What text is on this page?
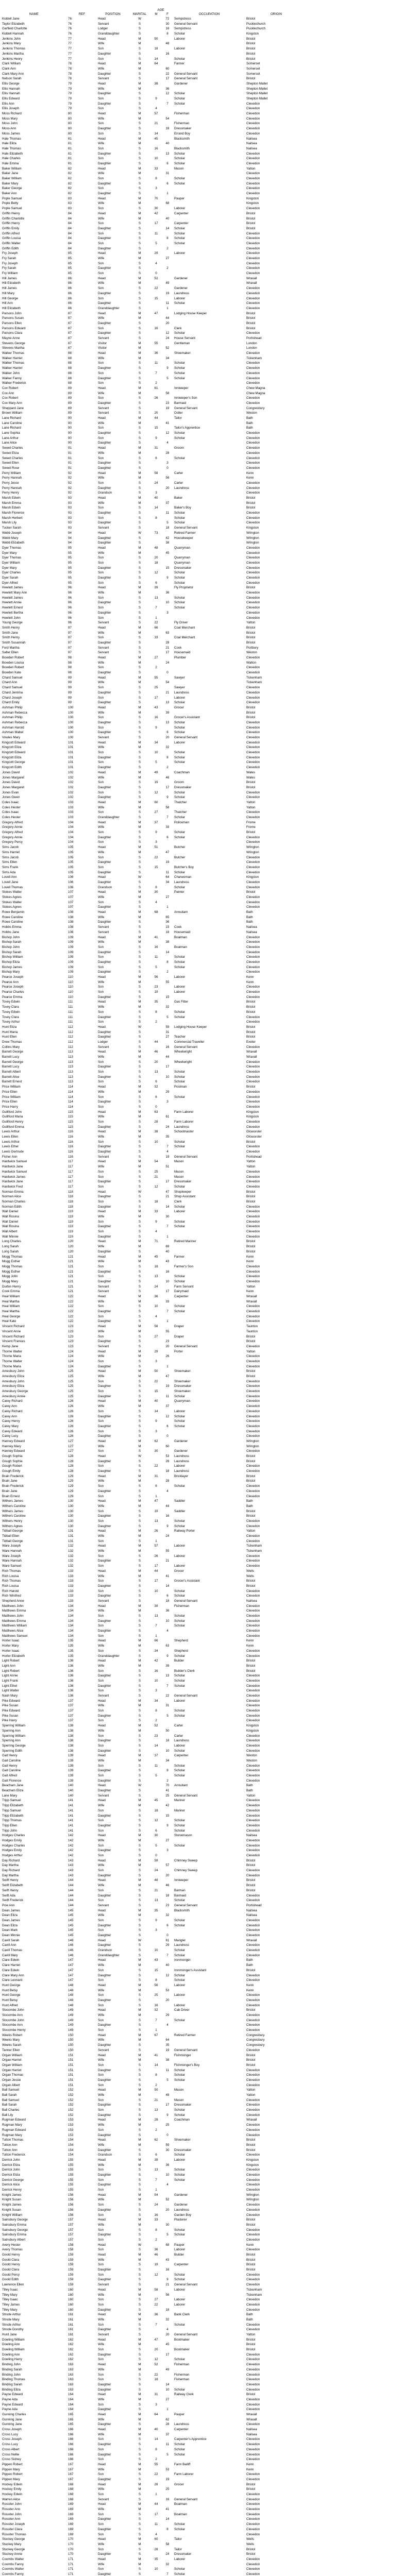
AGE
NAME	REF	POSITION	MARITAL	M	F	OCCUPATION	ORIGIN
Kiddell Jane	76	Head	W	72	Sempstress	Bristol
Taylor Elizabeth	76	Servant	S	30	General Servant	Pucklechurch
Garfield Charlotte	76	Lodger	S	16	Sempstress	Pucklechurch
Kiddell Hannah	76	Granddaughter	S	8	Scholar	Kingston
Jenkins John	77	Head	M	50	Laborer	Bristol
Jenkins Mary	77	Wife	M	48	Bristol
Jenkins Thomas	77	Son	S	18	Laborer	Bristol
Jenkins Martha	77	Daughter	S	16	Bristol
Jenkins Henry	77	Son	S	14	Scholar	Bristol
Clark William	78	Head	M	64	Farmer	Somerset
Clark Ann	78	Wife	M	60	Somerset
Clark Mary Ann	78	Daughter	S	22	General Servant	Somerset
Nelson Sarah	78	Servant	S	17	General Servant	Bristol
Ellis George	79	Head	M	38	Gardener	Shepton Mallet
Ellis Hannah	79	Wife	M	36	Shepton Mallet
Ellis Hannah	79	Daughter	S	12	Scholar	Shepton Mallet
Ellis Edward	79	Son	S	9	Scholar	Shepton Mallet
Ellis Ann	79	Daughter	S	7	Scholar	Clevedon
Ellis Joseph	79	Son	S	4	Clevedon
Moss Richard	80	Head	M	57	Fisherman	Clevedon
Moss Mary	80	Wife	M	54	Clevedon
Moss John	80	Son	S	21	Fisherman	Clevedon
Moss Ann	80	Daughter	S	18	Dressmaker	Clevedon
Moss James	80	Son	S	14	Errand Boy	Clevedon
Hale Thomas	81	Head	M	45	Blacksmith	Nailsea
Hale Eliza	81	Wife	M	40	Nailsea
Hale Thomas	81	Son	S	16	Blacksmith	Nailsea
Hale Elizabeth	81	Daughter	S	13	Scholar	Clevedon
Hale Charles	81	Son	S	10	Scholar	Clevedon
Hale Emma	81	Daughter	S	6	Scholar	Clevedon
Baker William	82	Head	M	33	Mason	Yatton
Baker Jane	82	Wife	M	31	Clevedon
Baker William	82	Son	S	8	Scholar	Clevedon
Baker Mary	82	Daughter	S	6	Scholar	Clevedon
Baker George	82	Son	S	3	Clevedon
Baker Ann	82	Daughter	S	1	Clevedon
Pople Samuel	83	Head	M	70	Pauper	Kingston
Pople Betty	83	Wife	M	68	Kingston
Pople Samuel	83	Son	S	30	Laborer	Clevedon
Griffin Henry	84	Head	M	42	Carpenter	Bristol
Griffin Charlotte	84	Wife	M	40	Bristol
Griffin Henry	84	Son	S	17	Carpenter	Bristol
Griffin Emily	84	Daughter	S	14	Scholar	Bristol
Griffin Alfred	84	Son	S	11	Scholar	Clevedon
Griffin Louisa	84	Daughter	S	8	Scholar	Clevedon
Griffin Walter	84	Son	S	5	Scholar	Clevedon
Griffin Edith	84	Daughter	S	2	Clevedon
Fry Joseph	85	Head	M	29	Laborer	Clevedon
Fry Sarah	85	Wife	M	27	Clevedon
Fry Joseph	85	Son	S	4	Clevedon
Fry Sarah	85	Daughter	S	2	Clevedon
Fry William	85	Son	S	0	Clevedon
Hill James	86	Head	M	52	Gardener	Wraxall
Hill Elizabeth	86	Wife	M	49	Wraxall
Hill James	86	Son	S	22	Gardener	Clevedon
Hill Mary	86	Daughter	S	19	Laundress	Clevedon
Hill George	86	Son	S	15	Laborer	Clevedon
Hill Ann	86	Daughter	S	11	Scholar	Clevedon
Hill Elizabeth	86	Granddaughter	S	1	Clevedon
Parsons John	87	Head	M	47	Lodging House Keeper	Bristol
Parsons Susan	87	Wife	M	44	Bristol
Parsons Ellen	87	Daughter	S	20	Bristol
Parsons Edward	87	Son	S	16	Clerk	Bristol
Parsons Clara	87	Daughter	S	12	Scholar	Clevedon
Mayne Anne	87	Servant	S	24	House Servant	Portishead
Stevens George	87	Visitor	M	55	Gentleman	London
Stevens Martha	87	Visitor	M	52	London
Walker Thomas	88	Head	M	36	Shoemaker	Clevedon
Walker Harriet	88	Wife	M	34	Tickenham
Walker Thomas	88	Son	S	11	Scholar	Clevedon
Walker Harriet	88	Daughter	S	9	Scholar	Clevedon
Walker John	88	Son	S	7	Scholar	Clevedon
Walker Fanny	88	Daughter	S	5	Scholar	Clevedon
Walker Frederick	88	Son	S	2	Clevedon
Cox Robert	89	Head	M	61	Innkeeper	Chew Magna
Cox Ann	89	Wife	M	58	Chew Magna
Cox Robert	89	Son	S	26	Innkeeper's Son	Clevedon
Cox Mary Ann	89	Daughter	S	23	Barmaid	Clevedon
Sheppard Jane	89	Servant	S	19	General Servant	Congresbury
Brown William	89	Servant	S	20	Ostler	Weston
Lane Richard	90	Head	M	44	Tailor	Bath
Lane Caroline	90	Wife	M	41	Bath
Lane Richard	90	Son	S	15	Tailor's Apprentice	Bath
Lane Sophia	90	Daughter	S	12	Scholar	Clevedon
Lane Arthur	90	Son	S	9	Scholar	Clevedon
Lane Alice	90	Daughter	S	4	Clevedon
Sweet Charles	91	Head	M	31	Groom	Clevedon
Sweet Eliza	91	Wife	M	28	Clevedon
Sweet Charles	91	Son	S	6	Scholar	Clevedon
Sweet Ellen	91	Daughter	S	3	Clevedon
Sweet Rose	91	Daughter	S	0	Clevedon
Perry William	92	Head	M	58	Carter	Kenn
Perry Hannah	92	Wife	M	56	Kenn
Perry Jesse	92	Son	S	24	Carter	Clevedon
Perry Hannah	92	Daughter	S	20	Laundress	Clevedon
Perry Henry	92	Grandson	S	3	Clevedon
Marsh Edwin	93	Head	M	40	Baker	Bristol
Marsh Emma	93	Wife	M	37	Bristol
Marsh Edwin	93	Son	S	14	Baker's Boy	Bristol
Marsh Florence	93	Daughter	S	11	Scholar	Clevedon
Marsh Herbert	93	Son	S	8	Scholar	Clevedon
Marsh Lily	93	Daughter	S	5	Scholar	Clevedon
Tucker Sarah	93	Servant	S	18	General Servant	Kingston
Webb Joseph	94	Head	W	73	Retired Farmer	Wrington
Webb Mary	94	Daughter	S	42	Housekeeper	Wrington
Webb Elizabeth	94	Daughter	S	38	Wrington
Dyer Thomas	95	Head	M	48	Quarryman	Clevedon
Dyer Mary	95	Wife	M	45	Clevedon
Dyer Thomas	95	Son	S	20	Quarryman	Clevedon
Dyer William	95	Son	S	18	Quarryman	Clevedon
Dyer Mary	95	Daughter	S	15	Dressmaker	Clevedon
Dyer Charles	95	Son	S	12	Scholar	Clevedon
Dyer Sarah	95	Daughter	S	9	Scholar	Clevedon
Dyer Alfred	95	Son	S	6	Scholar	Clevedon
Hewlett James	96	Head	M	39	Fly Proprietor	Bristol
Hewlett Mary Ann	96	Wife	M	36	Clevedon
Hewlett James	96	Son	S	13	Scholar	Clevedon
Hewlett Annie	96	Daughter	S	10	Scholar	Clevedon
Hewlett Ernest	96	Son	S	7	Scholar	Clevedon
Hewlett Bertha	96	Daughter	S	3	Clevedon
Hewlett John	96	Son	S	1	Clevedon
Young George	96	Servant	S	22	Fly Driver	Yatton
Smith Henry	97	Head	M	66	Coal Merchant	Bristol
Smith Jane	97	Wife	M	63	Bristol
Smith Henry	97	Son	S	33	Coal Merchant	Bristol
Smith Susannah	97	Daughter	S	28	Bristol
Ford Martha	97	Servant	S	21	Cook	Portbury
Salter Ellen	97	Servant	S	17	Housemaid	Weston
Bowden Robert	98	Head	M	27	Plumber	Clevedon
Bowden Louisa	98	Wife	M	24	Walton
Bowden Robert	98	Son	S	2	Clevedon
Bowden Kate	98	Daughter	S	0	Clevedon
Chard Samuel	99	Head	M	55	Sawyer	Tickenham
Chard Ann	99	Wife	M	54	Tickenham
Chard Samuel	99	Son	S	25	Sawyer	Clevedon
Chard Jemima	99	Daughter	S	21	Laundress	Clevedon
Chard Joseph	99	Son	S	17	Laborer	Clevedon
Chard Emily	99	Daughter	S	13	Scholar	Clevedon
Ashman Philip	100	Head	M	43	Grocer	Bristol
Ashman Rebecca	100	Wife	M	39	Bristol
Ashman Philip	100	Son	S	16	Grocer's Assistant	Bristol
Ashman Rebecca	100	Daughter	S	13	Scholar	Clevedon
Ashman Harold	100	Son	S	9	Scholar	Clevedon
Ashman Mabel	100	Daughter	S	6	Scholar	Clevedon
Vowles Mary	100	Servant	S	20	General Servant	Clevedon
Kingcott Edward	101	Head	M	34	Laborer	Clevedon
Kingcott Eliza	101	Wife	M	32	Clevedon
Kingcott Edward	101	Son	S	10	Scholar	Clevedon
Kingcott Eliza	101	Daughter	S	8	Scholar	Clevedon
Kingcott George	101	Son	S	5	Scholar	Clevedon
Kingcott Edith	101	Daughter	S	2	Clevedon
Jones David	102	Head	M	49	Coachman	Wales
Jones Margaret	102	Wife	M	46	Wales
Jones David	102	Son	S	19	Groom	Bristol
Jones Margaret	102	Daughter	S	17	Dressmaker	Bristol
Jones Evan	102	Son	S	12	Scholar	Clevedon
Jones Gwen	102	Daughter	S	9	Scholar	Clevedon
Coles Isaac	103	Head	M	60	Thatcher	Yatton
Coles Hester	103	Wife	M	58	Yatton
Coles Isaac	103	Son	S	27	Thatcher	Clevedon
Coles Hester	103	Granddaughter	S	7	Scholar	Clevedon
Gregory Alfred	104	Head	M	37	Policeman	Frome
Gregory Annie	104	Wife	M	33	Frome
Gregory Alfred	104	Son	S	9	Scholar	Bristol
Gregory Annie	104	Daughter	S	6	Scholar	Clevedon
Gregory Percy	104	Son	S	3	Clevedon
Sims Jacob	105	Head	M	51	Butcher	Wrington
Sims Harriet	105	Wife	M	47	Wrington
Sims Jacob	105	Son	S	22	Butcher	Clevedon
Sims Ellen	105	Daughter	S	19	Clevedon
Sims Frank	105	Son	S	15	Butcher's Boy	Clevedon
Sims Ada	105	Daughter	S	11	Scholar	Clevedon
Lovell Ann	106	Head	W	64	Charwoman	Kingston
Lovell Jane	106	Daughter	S	34	Laundress	Clevedon
Lovell Thomas	106	Grandson	S	8	Scholar	Clevedon
Stokes Walter	107	Head	M	30	Painter	Bristol
Stokes Agnes	107	Wife	M	27	Clevedon
Stokes Walter	107	Son	S	4	Clevedon
Stokes Agnes	107	Daughter	S	1	Clevedon
Rowe Benjamin	108	Head	M	68	Annuitant	Bath
Rowe Caroline	108	Wife	M	65	Bath
Rowe Caroline	108	Daughter	S	36	Bath
Hobbs Emma	108	Servant	S	23	Cook	Nailsea
Hobbs Jane	108	Servant	S	18	Housemaid	Nailsea
Bishop John	109	Head	M	41	Boatman	Clevedon
Bishop Sarah	109	Wife	M	38	Clevedon
Bishop John	109	Son	S	16	Boatman	Clevedon
Bishop Sarah	109	Daughter	S	14	Clevedon
Bishop William	109	Son	S	11	Scholar	Clevedon
Bishop Eliza	109	Daughter	S	8	Scholar	Clevedon
Bishop James	109	Son	S	5	Scholar	Clevedon
Bishop Mary	109	Daughter	S	2	Clevedon
Pearce Joseph	110	Head	M	56	Laborer	Kenn
Pearce Ann	110	Wife	M	55	Kenn
Pearce Joseph	110	Son	S	23	Laborer	Clevedon
Pearce Charles	110	Son	S	19	Laborer	Clevedon
Pearce Emma	110	Daughter	S	15	Clevedon
Tovey Edwin	111	Head	M	35	Gas Fitter	Bristol
Tovey Clara	111	Wife	M	32	Bristol
Tovey Edwin	111	Son	S	8	Scholar	Bristol
Tovey Clara	111	Daughter	S	5	Scholar	Clevedon
Tovey Arthur	111	Son	S	2	Clevedon
Hunt Eliza	112	Head	W	59	Lodging House Keeper	Bristol
Hunt Maria	112	Daughter	S	31	Bristol
Hunt Ellen	112	Daughter	S	27	Teacher	Bristol
Drew Thomas	112	Lodger	S	44	Commercial Traveller	Exeter
Collins Mary	112	Servant	S	16	General Servant	Clevedon
Barrett George	113	Head	M	46	Wheelwright	Wraxall
Barrett Lucy	113	Wife	M	44	Wraxall
Barrett George	113	Son	S	20	Wheelwright	Clevedon
Barrett Lucy	113	Daughter	S	17	Clevedon
Barrett Albert	113	Son	S	13	Scholar	Clevedon
Barrett Alice	113	Daughter	S	10	Scholar	Clevedon
Barrett Ernest	113	Son	S	6	Scholar	Clevedon
Price William	114	Head	M	32	Postman	Bristol
Price Ellen	114	Wife	M	29	Clevedon
Price William	114	Son	S	6	Scholar	Clevedon
Price Ellen	114	Daughter	S	3	Clevedon
Price Harry	114	Son	S	0	Clevedon
Gulliford John	115	Head	M	63	Farm Laborer	Kingston
Gulliford Maria	115	Wife	M	61	Kingston
Gulliford Henry	115	Son	S	28	Farm Laborer	Clevedon
Gulliford Emma	115	Daughter	S	24	Laundress	Clevedon
Lewis Arthur	116	Head	M	38	Schoolmaster	Gloucester
Lewis Ellen	116	Wife	M	35	Gloucester
Lewis Arthur	116	Son	S	10	Scholar	Bristol
Lewis Ethel	116	Daughter	S	7	Scholar	Clevedon
Lewis Gertrude	116	Daughter	S	4	Clevedon
Fisher Ann	116	Servant	S	19	General Servant	Portishead
Hardwick Samuel	117	Head	M	54	Mason	Yatton
Hardwick Jane	117	Wife	M	51	Yatton
Hardwick Samuel	117	Son	S	25	Mason	Clevedon
Hardwick James	117	Son	S	21	Mason	Clevedon
Hardwick Jane	117	Daughter	S	17	Dressmaker	Clevedon
Hardwick Fred	117	Son	S	12	Scholar	Clevedon
Norman Emma	118	Head	W	47	Shopkeeper	Bristol
Norman Alice	118	Daughter	S	21	Shop Assistant	Bristol
Norman Charles	118	Son	S	18	Clerk	Bristol
Norman Edith	118	Daughter	S	14	Scholar	Clevedon
Wall Daniel	119	Head	M	33	Laborer	Clevedon
Wall Rosina	119	Wife	M	30	Clevedon
Wall Daniel	119	Son	S	9	Scholar	Clevedon
Wall Rosina	119	Daughter	S	7	Scholar	Clevedon
Wall Albert	119	Son	S	4	Clevedon
Wall Minnie	119	Daughter	S	1	Clevedon
Long Charles	120	Head	M	71	Retired Mariner	Bristol
Long Sarah	120	Wife	M	69	Bristol
Long Sarah	120	Daughter	S	40	Bristol
Mogg Thomas	121	Head	M	45	Farmer	Kenn
Mogg Esther	121	Wife	M	43	Kenn
Mogg Thomas	121	Son	S	18	Farmer's Son	Clevedon
Mogg Esther	121	Daughter	S	16	Clevedon
Mogg John	121	Son	S	13	Scholar	Clevedon
Mogg Mary	121	Daughter	S	10	Scholar	Clevedon
Durbin Henry	121	Servant	S	24	Farm Servant	Yatton
Cook Emma	121	Servant	S	17	Dairymaid	Kenn
Heal William	122	Head	M	36	Carpenter	Wraxall
Heal Martha	122	Wife	M	33	Wraxall
Heal William	122	Son	S	10	Scholar	Clevedon
Heal Martha	122	Daughter	S	7	Scholar	Clevedon
Heal George	122	Son	S	4	Clevedon
Heal Kate	122	Daughter	S	1	Clevedon
Vincent Richard	123	Head	M	58	Draper	Taunton
Vincent Anne	123	Wife	M	55	Taunton
Vincent Richard	123	Son	S	27	Draper	Bristol
Vincent Frances	123	Daughter	S	23	Bristol
Kemp Jane	123	Servant	S	20	General Servant	Clevedon
Thorne Walter	124	Head	M	29	Porter	Yatton
Thorne Maria	124	Wife	M	26	Clevedon
Thorne Walter	124	Son	S	3	Clevedon
Thorne Maria	124	Daughter	S	1	Clevedon
Amesbury John	125	Head	M	50	Shoemaker	Bristol
Amesbury Eliza	125	Wife	M	47	Bristol
Amesbury John	125	Son	S	22	Shoemaker	Clevedon
Amesbury Eliza	125	Daughter	S	19	Dressmaker	Clevedon
Amesbury George	125	Son	S	15	Shoemaker	Clevedon
Amesbury Annie	125	Daughter	S	11	Scholar	Clevedon
Carey Richard	126	Head	M	40	Quarryman	Clevedon
Carey Ann	126	Wife	M	37	Clevedon
Carey Richard	126	Son	S	14	Laborer	Clevedon
Carey Ann	126	Daughter	S	12	Scholar	Clevedon
Carey Henry	126	Son	S	9	Scholar	Clevedon
Carey Mary	126	Daughter	S	6	Scholar	Clevedon
Carey Edward	126	Son	S	3	Clevedon
Carey Lucy	126	Daughter	S	0	Clevedon
Hanney Edward	127	Head	M	62	Gardener	Wrington
Hanney Mary	127	Wife	M	60	Wrington
Hanney Edward	127	Son	S	30	Gardener	Clevedon
Gough Sophia	128	Head	W	53	Laundress	Bristol
Gough Sophia	128	Daughter	S	26	Laundress	Bristol
Gough Robert	128	Son	S	22	Laborer	Clevedon
Gough Emily	128	Daughter	S	18	Laundress	Clevedon
Brain Frederick	129	Head	M	31	Bricklayer	Bristol
Brain Jane	129	Wife	M	28	Bristol
Brain Frederick	129	Son	S	6	Scholar	Clevedon
Brain Jane	129	Daughter	S	4	Clevedon
Brain Ernest	129	Son	S	1	Clevedon
Withers James	130	Head	M	47	Saddler	Bath
Withers Caroline	130	Wife	M	44	Bath
Withers James	130	Son	S	19	Saddler	Bristol
Withers Caroline	130	Daughter	S	16	Bristol
Withers Henry	130	Son	S	13	Scholar	Clevedon
Withers Agnes	130	Daughter	S	9	Scholar	Clevedon
Tidball George	131	Head	M	26	Railway Porter	Yatton
Tidball Ellen	131	Wife	M	24	Clevedon
Tidball George	131	Son	S	1	Clevedon
Ware Joseph	132	Head	M	57	Laborer	Tickenham
Ware Hannah	132	Wife	M	55	Tickenham
Ware Joseph	132	Son	S	26	Laborer	Clevedon
Ware Hannah	132	Daughter	S	21	Clevedon
Ware Samuel	132	Son	S	17	Laborer	Clevedon
Rich Thomas	133	Head	M	44	Grocer	Wells
Rich Louisa	133	Wife	M	41	Wells
Rich Thomas	133	Son	S	17	Grocer's Assistant	Bristol
Rich Louisa	133	Daughter	S	14	Bristol
Rich Harold	133	Son	S	10	Scholar	Clevedon
Rich Winifred	133	Daughter	S	6	Scholar	Clevedon
Shepherd Anne	133	Servant	S	18	General Servant	Nailsea
Matthews John	134	Head	M	39	Fisherman	Clevedon
Matthews Emma	134	Wife	M	36	Clevedon
Matthews John	134	Son	S	13	Scholar	Clevedon
Matthews Emma	134	Daughter	S	10	Scholar	Clevedon
Matthews William	134	Son	S	7	Scholar	Clevedon
Matthews Alice	134	Daughter	S	4	Clevedon
Matthews Samuel	134	Son	S	1	Clevedon
Horler Isaac	135	Head	M	66	Shepherd	Kenn
Horler Mary	135	Wife	M	63	Kenn
Horler Isaac	135	Son	S	34	Shepherd	Clevedon
Horler Elizabeth	135	Granddaughter	S	9	Scholar	Clevedon
Light Robert	136	Head	M	42	Builder	Bristol
Light Ann	136	Wife	M	39	Bristol
Light Robert	136	Son	S	16	Builder's Clerk	Bristol
Light Annie	136	Daughter	S	13	Scholar	Clevedon
Light Frank	136	Son	S	10	Scholar	Clevedon
Light Ethel	136	Daughter	S	7	Scholar	Clevedon
Light Walter	136	Son	S	3	Clevedon
Nash Mary	136	Servant	S	22	General Servant	Clevedon
Pike Edward	137	Head	M	34	Laborer	Clevedon
Pike Susan	137	Wife	M	31	Clevedon
Pike Edward	137	Son	S	8	Scholar	Clevedon
Pike Susan	137	Daughter	S	5	Scholar	Clevedon
Pike Harry	137	Son	S	2	Clevedon
Sperring William	138	Head	M	52	Carter	Kingston
Sperring Ann	138	Wife	M	50	Kingston
Sperring William	138	Son	S	23	Carter	Clevedon
Sperring Ann	138	Daughter	S	18	Laundress	Clevedon
Sperring George	138	Son	S	14	Laborer	Clevedon
Sperring Edith	138	Daughter	S	10	Scholar	Clevedon
Gait Henry	139	Head	M	37	Carpenter	Weston
Gait Caroline	139	Wife	M	34	Weston
Gait Henry	139	Son	S	11	Scholar	Clevedon
Gait Caroline	139	Daughter	S	8	Scholar	Clevedon
Gait Alfred	139	Son	S	5	Scholar	Clevedon
Gait Florence	139	Daughter	S	2	Clevedon
Beacham Jane	140	Head	W	70	Annuitant	Bath
Beacham Eliza	140	Daughter	S	41	Bath
Lane Mary	140	Servant	S	25	General Servant	Yatton
Tripp Samuel	141	Head	M	45	Mariner	Clevedon
Tripp Elizabeth	141	Wife	M	42	Clevedon
Tripp Samuel	141	Son	S	18	Mariner	Clevedon
Tripp Elizabeth	141	Daughter	S	15	Clevedon
Tripp Thomas	141	Son	S	12	Scholar	Clevedon
Tripp Ellen	141	Daughter	S	9	Scholar	Clevedon
Tripp John	141	Son	S	6	Scholar	Clevedon
Hodges Charles	142	Head	M	30	Stonemason	Nailsea
Hodges Emily	142	Wife	M	27	Clevedon
Hodges Charles	142	Son	S	5	Scholar	Clevedon
Hodges Emily	142	Daughter	S	3	Clevedon
Hodges Arthur	142	Son	S	0	Clevedon
Day Richard	143	Head	M	59	Chimney Sweep	Bristol
Day Martha	143	Wife	M	57	Bristol
Day Richard	143	Son	S	24	Chimney Sweep	Clevedon
Day Martha	143	Daughter	S	20	Clevedon
Swift Henry	144	Head	M	48	Innkeeper	Bristol
Swift Elizabeth	144	Wife	M	46	Bristol
Swift Henry	144	Son	S	21	Barman	Bristol
Swift Ada	144	Daughter	S	18	Barmaid	Clevedon
Swift Frederick	144	Son	S	13	Scholar	Clevedon
Pow Ann	144	Servant	S	23	General Servant	Portishead
Dean James	145	Head	M	35	Blacksmith	Nailsea
Dean Eliza	145	Wife	M	32	Nailsea
Dean James	145	Son	S	9	Scholar	Clevedon
Dean Eliza	145	Daughter	S	6	Scholar	Clevedon
Dean Mark	145	Son	S	3	Clevedon
Dean Minnie	145	Daughter	S	0	Clevedon
Cavill Sarah	146	Head	W	61	Mangler	Wraxall
Cavill Ann	146	Daughter	S	29	Laundress	Clevedon
Cavill Thomas	146	Grandson	S	10	Scholar	Clevedon
Cavill Mary	146	Granddaughter	S	7	Scholar	Clevedon
Clare Edwin	147	Head	M	43	Ironmonger	Bath
Clare Harriet	147	Wife	M	40	Bath
Clare Edwin	147	Son	S	15	Ironmonger's Assistant	Bristol
Clare Mary Ann	147	Daughter	S	12	Scholar	Clevedon
Clare Leonard	147	Son	S	8	Scholar	Clevedon
Hunt George	148	Head	M	56	Laborer	Kenn
Hunt Betsy	148	Wife	M	53	Kenn
Hunt George	148	Son	S	25	Laborer	Clevedon
Hunt Betsy	148	Daughter	S	20	Clevedon
Hunt Alfred	148	Son	S	16	Laborer	Clevedon
Slocombe John	149	Head	M	32	Cab Driver	Bristol
Slocombe Ann	149	Wife	M	29	Clevedon
Slocombe John	149	Son	S	7	Scholar	Clevedon
Slocombe Ann	149	Daughter	S	4	Clevedon
Slocombe Henry	149	Son	S	1	Clevedon
Weeks Robert	150	Head	M	67	Retired Farmer	Congresbury
Weeks Mary	150	Wife	M	64	Congresbury
Weeks Sarah	150	Daughter	S	35	Congresbury
Tanner Ellen	150	Servant	S	19	General Servant	Clevedon
Organ William	151	Head	M	41	Fishmonger	Bristol
Organ Harriet	151	Wife	M	38	Bristol
Organ William	151	Son	S	14	Fishmonger's Boy	Bristol
Organ Harriet	151	Daughter	S	11	Scholar	Clevedon
Organ Thomas	151	Son	S	8	Scholar	Clevedon
Organ Jessie	151	Daughter	S	5	Scholar	Clevedon
Organ Albert	151	Son	S	2	Clevedon
Ball Samuel	152	Head	M	50	Mason	Yatton
Ball Sarah	152	Wife	M	48	Yatton
Ball Samuel	152	Son	S	21	Mason	Clevedon
Ball Sarah	152	Daughter	S	17	Dressmaker	Clevedon
Ball Charles	152	Son	S	13	Scholar	Clevedon
Ball Lily	152	Daughter	S	9	Scholar	Clevedon
Rugman Edward	153	Head	M	28	Coachman	Wraxall
Rugman Mary	153	Wife	M	25	Clevedon
Rugman Edward	153	Son	S	2	Clevedon
Rugman Mary	153	Daughter	S	0	Clevedon
Tutton Thomas	154	Head	M	62	Shoemaker	Bristol
Tutton Ann	154	Wife	M	59	Bristol
Tutton Ann	154	Daughter	S	30	Dressmaker	Bristol
Tutton Frederick	154	Grandson	S	6	Scholar	Clevedon
Derrick John	155	Head	M	39	Laborer	Kingston
Derrick Eliza	155	Wife	M	36	Kingston
Derrick John	155	Son	S	13	Scholar	Clevedon
Derrick Eliza	155	Daughter	S	10	Scholar	Clevedon
Derrick George	155	Son	S	7	Scholar	Clevedon
Derrick Alice	155	Daughter	S	4	Clevedon
Derrick Henry	155	Son	S	1	Clevedon
Knight James	156	Head	M	54	Gardener	Wrington
Knight Susan	156	Wife	M	52	Wrington
Knight James	156	Son	S	24	Gardener	Clevedon
Knight Susan	156	Daughter	S	20	Laundress	Clevedon
Knight William	156	Son	S	16	Garden Boy	Clevedon
Sainsbury George	157	Head	M	33	Plasterer	Bristol
Sainsbury Emma	157	Wife	M	30	Bristol
Sainsbury George	157	Son	S	8	Scholar	Clevedon
Sainsbury Emma	157	Daughter	S	5	Scholar	Clevedon
Sainsbury Albert	157	Son	S	2	Clevedon
Avery Hester	158	Head	W	68	Pauper	Kenn
Avery Thomas	158	Son	S	36	Laborer	Clevedon
Goold Henry	159	Head	M	46	Builder	Bristol
Goold Clara	159	Wife	M	43	Bristol
Goold Henry	159	Son	S	19	Carpenter	Bristol
Goold Clara	159	Daughter	S	16	Bristol
Goold Percy	159	Son	S	12	Scholar	Clevedon
Goold Edith	159	Daughter	S	9	Scholar	Clevedon
Lawrence Ellen	159	Servant	S	21	General Servant	Clevedon
Tilley Isaac	160	Head	M	58	Laborer	Tickenham
Tilley Mary	160	Wife	M	56	Tickenham
Tilley Isaac	160	Son	S	27	Laborer	Clevedon
Tilley James	160	Son	S	22	Laborer	Clevedon
Tilley Mary	160	Daughter	S	18	Clevedon
Strode Arthur	161	Head	M	36	Bank Clerk	Bath
Strode Mary	161	Wife	M	32	Bath
Strode Arthur	161	Son	S	7	Scholar	Clevedon
Strode Dorothy	161	Daughter	S	4	Clevedon
Hurd Jane	161	Servant	S	20	General Servant	Yatton
Dowling William	162	Head	M	47	Bootmaker	Bristol
Dowling Ann	162	Wife	M	45	Bristol
Dowling William	162	Son	S	20	Bootmaker	Bristol
Dowling Ann	162	Daughter	S	17	Clevedon
Dowling Harry	162	Son	S	12	Scholar	Clevedon
Binding John	163	Head	M	52	Fisherman	Clevedon
Binding Sarah	163	Wife	M	49	Clevedon
Binding John	163	Son	S	22	Fisherman	Clevedon
Binding Thomas	163	Son	S	18	Fisherman	Clevedon
Binding Sarah	163	Daughter	S	14	Clevedon
Binding Eliza	163	Daughter	S	10	Scholar	Clevedon
Payne Edward	164	Head	M	31	Railway Clerk	Bristol
Payne Ada	164	Wife	M	27	Clevedon
Payne Edward	164	Son	S	3	Clevedon
Payne Ada	164	Daughter	S	1	Clevedon
Gunning Charles	165	Head	M	64	Pauper	Wraxall
Gunning Jane	165	Wife	M	62	Wraxall
Gunning Jane	165	Daughter	S	28	Laundress	Clevedon
Cross Joseph	166	Head	M	40	Carpenter	Nailsea
Cross Lucy	166	Wife	M	37	Nailsea
Cross Joseph	166	Son	S	14	Carpenter's Apprentice	Clevedon
Cross Lucy	166	Daughter	S	11	Scholar	Clevedon
Cross Albert	166	Son	S	8	Scholar	Clevedon
Cross Nellie	166	Daughter	S	5	Scholar	Clevedon
Cross Sidney	166	Son	S	2	Clevedon
Pippen Robert	167	Head	M	55	Farm Bailiff	Kenn
Pippen Mary	167	Wife	M	53	Kenn
Pippen Robert	167	Son	S	22	Farm Laborer	Clevedon
Pippen Mary	167	Daughter	S	19	Clevedon
Hockey Edwin	168	Head	M	28	Grocer	Bristol
Hockey Emily	168	Wife	M	25	Bristol
Hockey Edwin	168	Son	S	1	Clevedon
Warren Alice	168	Servant	S	16	General Servant	Clevedon
Rossiter John	169	Head	M	44	Boatman	Clevedon
Rossiter Ann	169	Wife	M	41	Clevedon
Rossiter John	169	Son	S	17	Boatman	Clevedon
Rossiter Ann	169	Daughter	S	14	Clevedon
Rossiter Joseph	169	Son	S	11	Scholar	Clevedon
Rossiter Clara	169	Daughter	S	8	Scholar	Clevedon
Rossiter Thomas	169	Son	S	4	Clevedon
Stuckey George	170	Head	M	60	Tailor	Wells
Stuckey Mary	170	Wife	M	58	Wells
Stuckey George	170	Son	S	28	Tailor	Bristol
Stuckey Annie	170	Daughter	S	24	Dressmaker	Bristol
Coombs Walter	171	Head	M	35	Laborer	Clevedon
Coombs Fanny	171	Wife	M	32	Clevedon
Coombs Walter	171	Son	S	10	Scholar	Clevedon
Coombs Fanny	171	Daughter	S	7	Scholar	Clevedon
